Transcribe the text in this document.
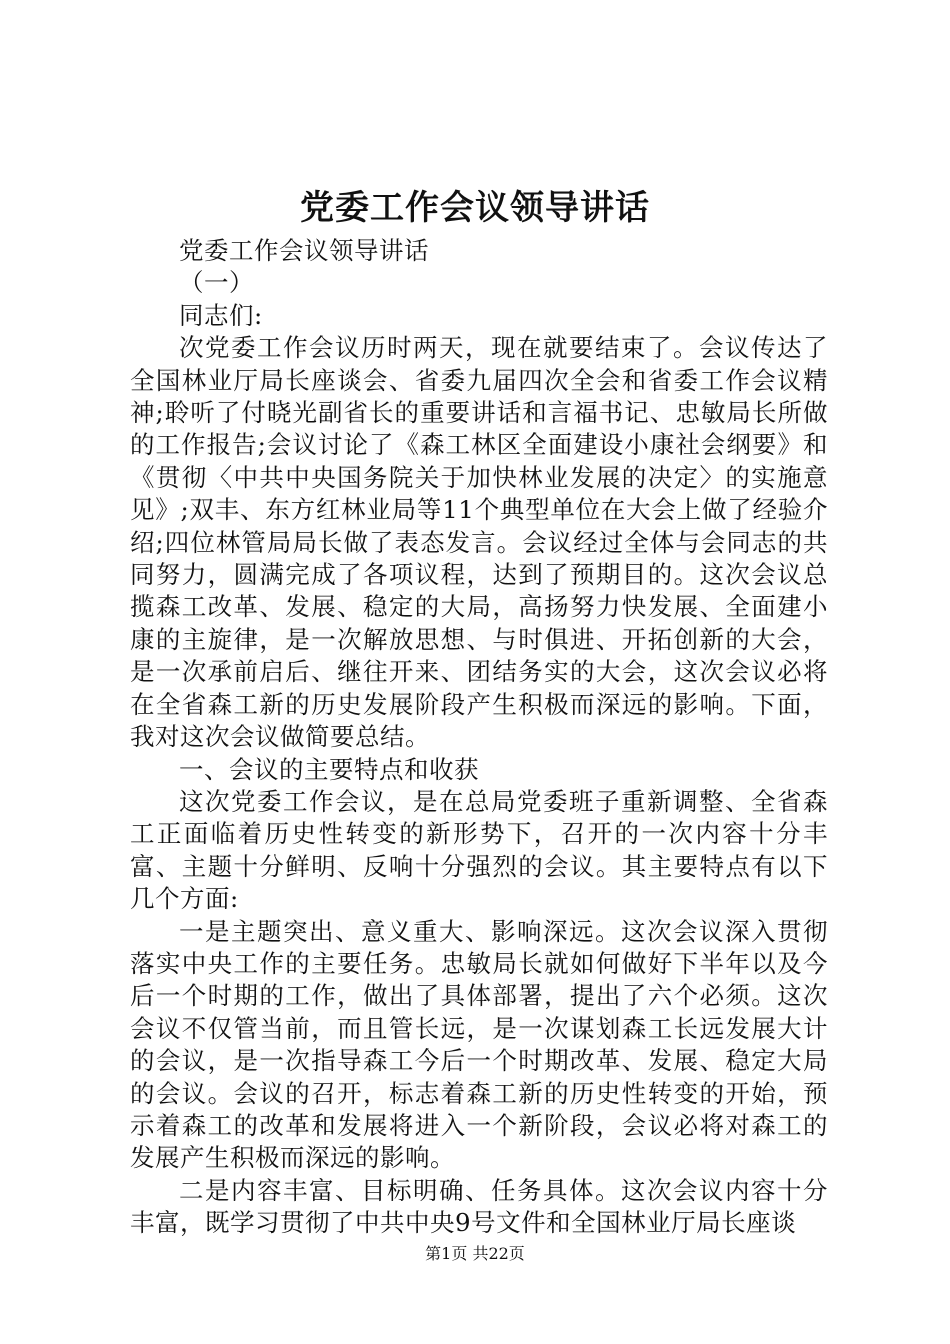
党委工作会议领导讲话

党委工作会议领导讲话

（一）

同志们:

次党委工作会议历时两天，现在就要结束了。会议传达了全国林业厅局长座谈会、省委九届四次全会和省委工作会议精神;聆听了付晓光副省长的重要讲话和言福书记、忠敏局长所做的工作报告;会议讨论了《森工林区全面建设小康社会纲要》和《贯彻〈中共中央国务院关于加快林业发展的决定〉的实施意见》;双丰、东方红林业局等11个典型单位在大会上做了经验介绍;四位林管局局长做了表态发言。会议经过全体与会同志的共同努力，圆满完成了各项议程，达到了预期目的。这次会议总揽森工改革、发展、稳定的大局，高扬努力快发展、全面建小康的主旋律，是一次解放思想、与时俱进、开拓创新的大会，是一次承前启后、继往开来、团结务实的大会，这次会议必将在全省森工新的历史发展阶段产生积极而深远的影响。下面，我对这次会议做简要总结。

一、会议的主要特点和收获

这次党委工作会议，是在总局党委班子重新调整、全省森工正面临着历史性转变的新形势下，召开的一次内容十分丰富、主题十分鲜明、反响十分强烈的会议。其主要特点有以下几个方面:

一是主题突出、意义重大、影响深远。这次会议深入贯彻落实中央工作的主要任务。忠敏局长就如何做好下半年以及今后一个时期的工作，做出了具体部署，提出了六个必须。这次会议不仅管当前，而且管长远，是一次谋划森工长远发展大计的会议，是一次指导森工今后一个时期改革、发展、稳定大局的会议。会议的召开，标志着森工新的历史性转变的开始，预示着森工的改革和发展将进入一个新阶段，会议必将对森工的发展产生积极而深远的影响。

二是内容丰富、目标明确、任务具体。这次会议内容十分丰富，既学习贯彻了中共中央9号文件和全国林业厅局长座谈

第1页 共22页
